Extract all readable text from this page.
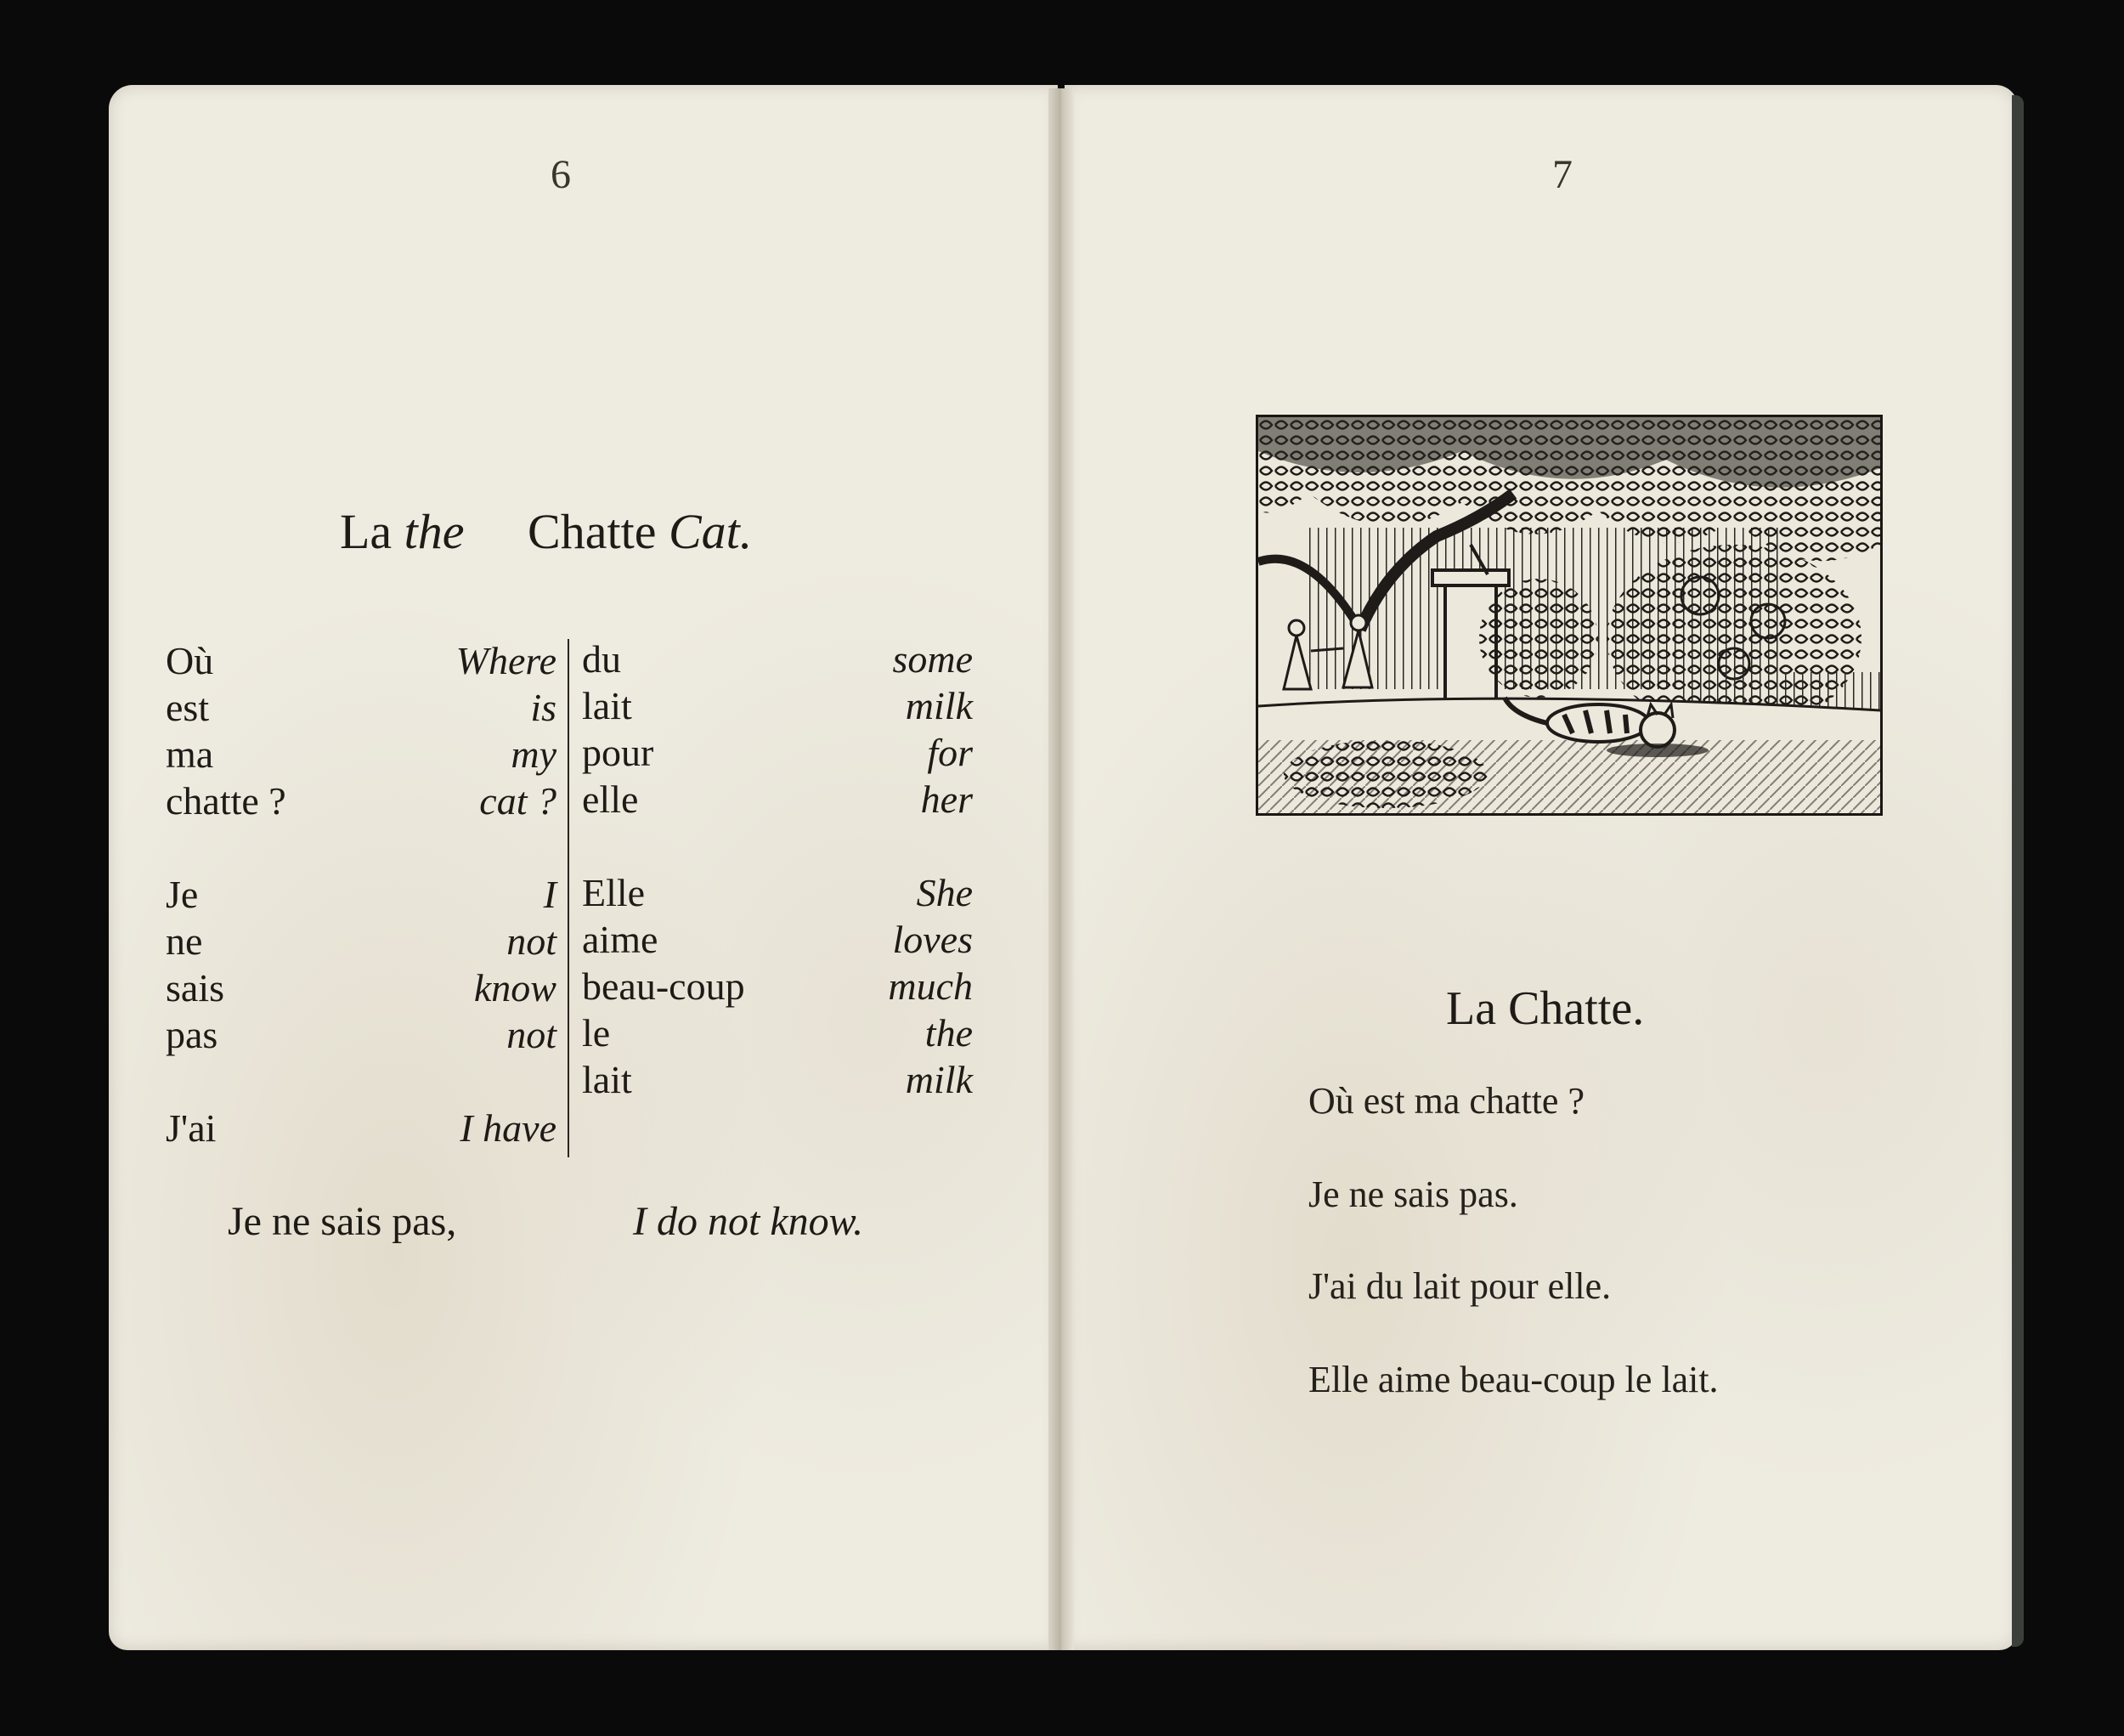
6
La the Chatte Cat.
Où	Where
est	is
ma	my
chatte ?	cat ?
Je	I
ne	not
sais	know
pas	not
J'ai	I have
du	some
lait	milk
pour	for
elle	her
Elle	She
aime	loves
beau-coup	much
le	the
lait	milk
Je ne sais pas,	I do not know.
7
La Chatte.
Où est ma chatte ?
Je ne sais pas.
J'ai du lait pour elle.
Elle aime beau-coup le lait.
